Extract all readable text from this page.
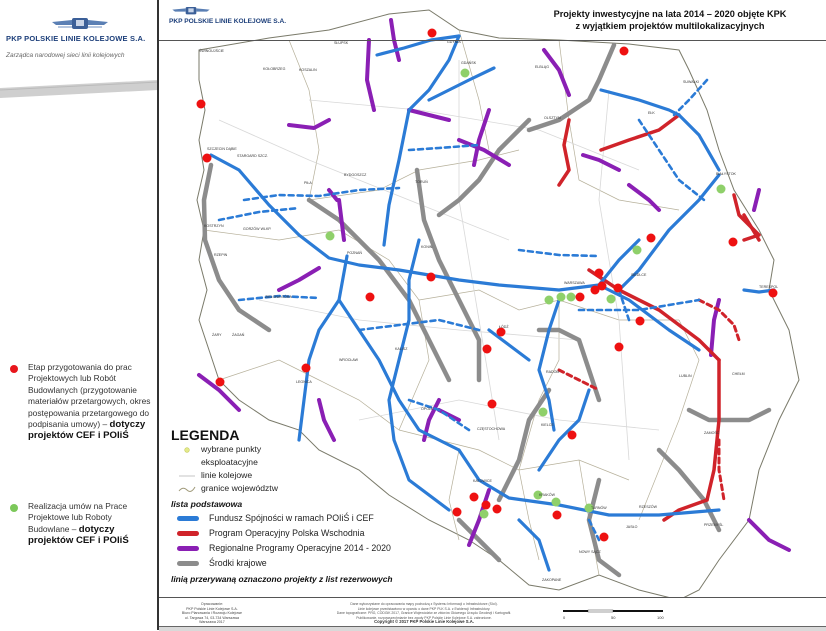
PKP POLSKIE LINIE KOLEJOWE S.A.
Zarządca narodowej sieci linii kolejowych
Etap przygotowania do prac Projektowych lub Robót Budowlanych (przygotowanie materiałów przetargowych, okres postępowania przetargowego do podpisania umowy) – dotyczy projektów CEF i POIiŚ
Realizacja umów na Prace Projektowe lub Roboty Budowlane – dotyczy projektów CEF i POIiŚ
ŚWINOUJŚCIE
SZCZECIN DĄBIE
STARGARD SZCZ.
KOSZALIN
KOŁOBRZEG
SŁUPSK	GDYNIA
GDAŃSK
ELBLĄG
OLSZTYN
EŁK
SUWAŁKI
BIAŁYSTOK
BYDGOSZCZ
TORUŃ
POZNAŃ
KONIN
WARSZAWA
ŁÓDŹ
LUBLIN	CHEŁM
RADOM
KIELCE
CZĘSTOCHOWA
KATOWICE
KRAKÓW
TARNÓW	RZESZÓW
PRZEMYŚL
ZAMOŚĆ
WROCŁAW
OPOLE
LEGNICA
ZIELONA GÓRA
ŻAGAŃ
ŻARY
GORZÓW WLKP.
KOSTRZYN
RZEPIN
PIŁA
KALISZ
SIEDLCE
TERESPOL
NOWY SĄCZ
ZAKOPANE
JASŁO
PKP POLSKIE LINIE KOLEJOWE S.A.
Projekty inwestycyjne na lata 2014 – 2020 objęte KPK
z wyjątkiem projektów multilokalizacyjnych
LEGENDA
wybrane punkty
eksploatacyjne
linie kolejowe
granice województw
lista podstawowa
Fundusz Spójności w ramach POIiŚ i CEF
Program Operacyjny Polska Wschodnia
Regionalne Programy Operacyjne 2014 - 2020
Środki krajowe
linią przerywaną oznaczono projekty z list rezerwowych
Opracowanie:
PKP Polskie Linie Kolejowe S.A.
Biuro Planowania i Rozwoju Kolejowe
ul. Targowa 74, 03-734 Warszawa
Warszawa 2017
Dane wykorzystane do opracowania mapy pochodzą z Systemu Informacji o Infrastrukturze (SIoI).
Linie kolejowe przedstawiono w oparciu o dane PKP PLK S.A. z Ewidencji Infrastruktury.
Dane topograficzne: PRG, CODGiK 2017, Granice Województw ze zbiorów Głównego Urzędu Geodezji i Kartografii.
Publikowanie, rozpowszechnianie bez zgody PKP Polskie Linie Kolejowe S.A. zabronione.
Copyright © 2017 PKP Polskie Linie Kolejowe S.A.
0	50	100
